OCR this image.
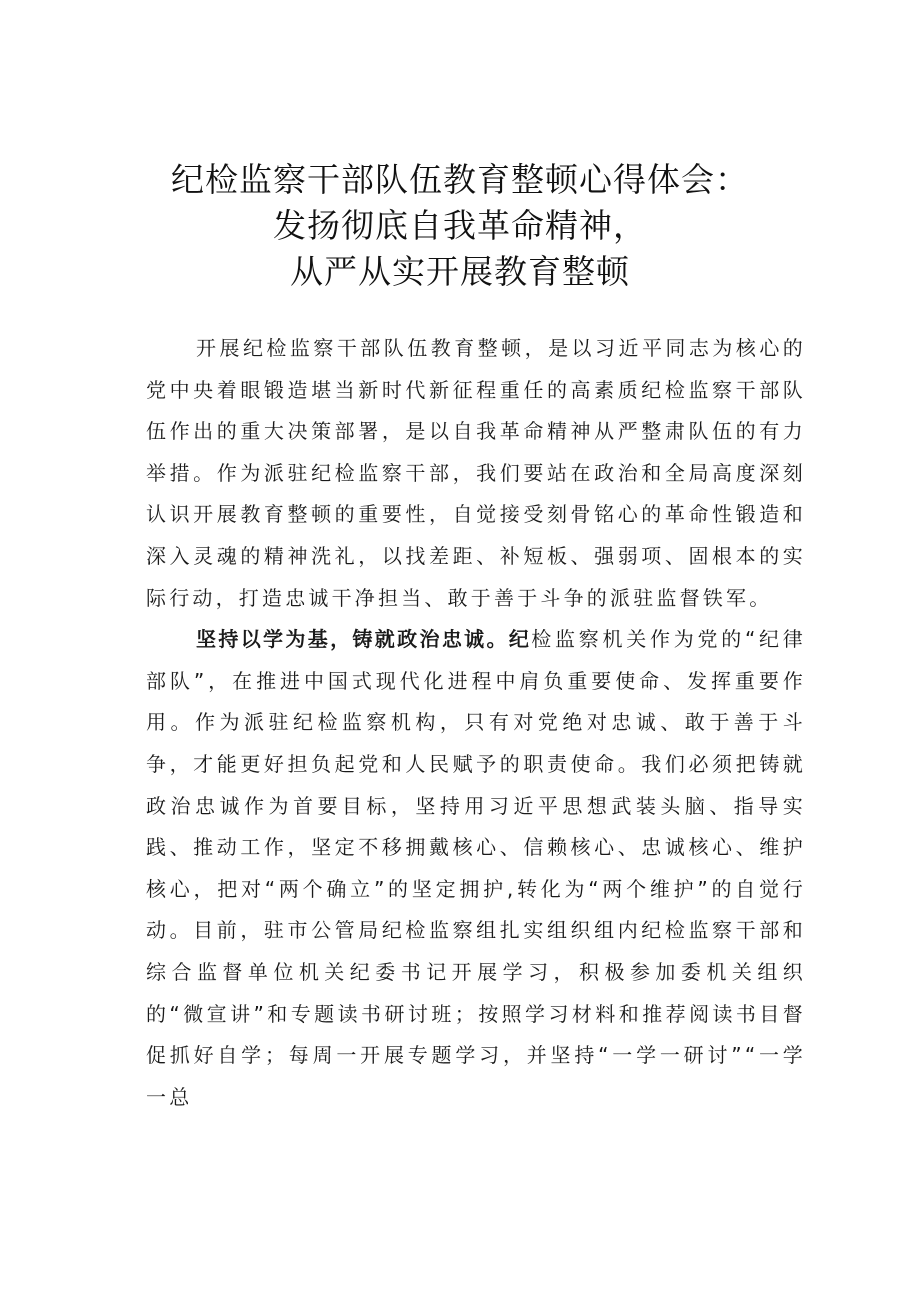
纪检监察干部队伍教育整顿心得体会：
发扬彻底自我革命精神，
从严从实开展教育整顿

开展纪检监察干部队伍教育整顿，是以习近平同志为核心的党中央着眼锻造堪当新时代新征程重任的高素质纪检监察干部队伍作出的重大决策部署，是以自我革命精神从严整肃队伍的有力举措。作为派驻纪检监察干部，我们要站在政治和全局高度深刻认识开展教育整顿的重要性，自觉接受刻骨铭心的革命性锻造和深入灵魂的精神洗礼，以找差距、补短板、强弱项、固根本的实际行动，打造忠诚干净担当、敢于善于斗争的派驻监督铁军。

坚持以学为基，铸就政治忠诚。纪检监察机关作为党的“纪律部队”，在推进中国式现代化进程中肩负重要使命、发挥重要作用。作为派驻纪检监察机构，只有对党绝对忠诚、敢于善于斗争，才能更好担负起党和人民赋予的职责使命。我们必须把铸就政治忠诚作为首要目标，坚持用习近平思想武装头脑、指导实践、推动工作，坚定不移拥戴核心、信赖核心、忠诚核心、维护核心，把对“两个确立”的坚定拥护,转化为“两个维护”的自觉行动。目前，驻市公管局纪检监察组扎实组织组内纪检监察干部和综合监督单位机关纪委书记开展学习，积极参加委机关组织的“微宣讲”和专题读书研讨班；按照学习材料和推荐阅读书目督促抓好自学；每周一开展专题学习，并坚持“一学一研讨”“一学一总
